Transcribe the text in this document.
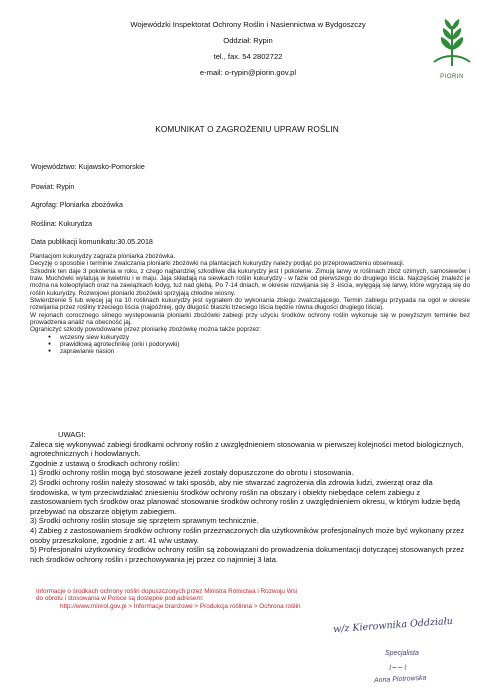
Wojewódzki Inspektorat Ochrony Roślin i Nasiennictwa w Bydgoszczy
Oddział: Rypin
tel., fax. 54 2802722
e-mail: o-rypin@piorin.gov.pl	PIORIN
KOMUNIKAT O ZAGROŻENIU UPRAW ROŚLIN
Województwo: Kujawsko-Pomorskie
Powiat: Rypin
Agrofag: Ploniarka zbożówka
Roślina: Kukurydza
Data publikacji komunikatu:30.05.2018

Plantacjom kukurydzy zagraża ploniarka zbożówka.

Decyzję o sposobie i terminie zwalczania ploniarki zbożówki na plantacjach kukurydzy należy podjąć po przeprowadzeniu obserwacji.

Szkodnik ten daje 3 pokolenia w roku, z czego najbardziej szkodliwe dla kukurydzy jest I pokolenie. Zimują larwy w roślinach zbóż ozimych, samosiewów i traw. Muchówki wylatują w kwietniu i w maju. Jaja składają na siewkach roślin kukurydzy - w fazie od pierwszego do drugiego liścia. Najczęściej znaleźć je można na koleoptylach oraz na zawiązkach łodyg, tuż nad glebą. Po 7-14 dniach, w okresie rozwijania się 3 -liścia, wylęgają się larwy, które wgryzają się do roślin kukurydzy. Rozwojowi ploniarki zbożówki sprzyjają chłodne wiosny.

Stwierdzenie 5 lub więcej jaj na 10 roślinach kukurydzy jest sygnałem do wykonania zbiegu zwalczającego. Termin zabiegu przypada na ogół w okresie rozwijania przez rośliny trzeciego liścia (najpóźniej, gdy długość blaszki trzeciego liścia będzie równa długości drugiego liścia).

W rejonach corocznego silnego występowania ploniarki zbożówki zabiegi przy użyciu środków ochrony roślin wykonuje się w powyższym terminie bez prowadzenia analiz na obecność jaj.

Ograniczyć szkody powodowane przez ploniarkę zbożówkę można także poprzez:

● wczesny siew kukurydzy
● prawidłową agrotechnikę (orki i podorywki)
● zaprawianie nasion

UWAGI:

Zaleca się wykonywać zabiegi środkami ochrony roślin z uwzględnieniem stosowania w pierwszej kolejności metod biologicznych, agrotechnicznych i hodowlanych.

Zgodnie z ustawą o środkach ochrony roślin:

1) Środki ochrony roślin mogą być stosowane jeżeli zostały dopuszczone do obrotu i stosowania.

2) Środki ochrony roślin należy stosować w taki sposób, aby nie stwarzać zagrożenia dla zdrowia ludzi, zwierząt oraz dla środowiska, w tym przeciwdziałać zniesieniu środków ochrony roślin na obszary i obiekty niebędące celem zabiegu z zastosowaniem tych środków oraz planować stosowanie środków ochrony roślin z uwzględnieniem okresu, w którym ludzie będą przebywać na obszarze objętym zabiegiem.

3) Środki ochrony roślin stosuje się sprzętem sprawnym technicznie.

4) Zabieg z zastosowaniem środków ochrony roślin przeznaczonych dla użytkowników profesjonalnych może być wykonany przez osoby przeszkolone, zgodnie z art. 41 w/w ustawy.

5) Profesjonalni użytkownicy środków ochrony roślin są zobowiązani do prowadzenia dokumentacji dotyczącej stosowanych przez nich środków ochrony roślin i przechowywania jej przez co najmniej 3 lata.

Informacje o środkach ochrony roślin dopuszczonych przez Ministra Rolnictwa i Rozwoju Wsi

do obrotu i stosowania w Polsce są dostępne pod adresem:

http://www.minrol.gov.pl > Informacje branżowe > Produkcja roślinna > Ochrona roślin

w/z Kierownika Oddziału
Specjalista
⌇~~⌇
Anna Piotrowska
